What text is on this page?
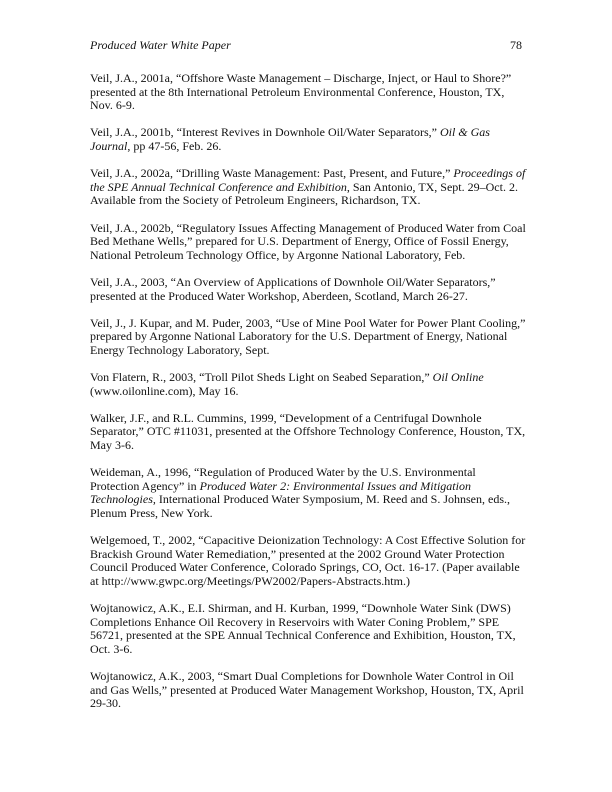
Produced Water White Paper	78

Veil, J.A., 2001a, “Offshore Waste Management – Discharge, Inject, or Haul to Shore?” presented at the 8th International Petroleum Environmental Conference, Houston, TX, Nov. 6-9.

Veil, J.A., 2001b, “Interest Revives in Downhole Oil/Water Separators,” Oil & Gas Journal, pp 47-56, Feb. 26.

Veil, J.A., 2002a, “Drilling Waste Management: Past, Present, and Future,” Proceedings of the SPE Annual Technical Conference and Exhibition, San Antonio, TX, Sept. 29–Oct. 2. Available from the Society of Petroleum Engineers, Richardson, TX.

Veil, J.A., 2002b, “Regulatory Issues Affecting Management of Produced Water from Coal Bed Methane Wells,” prepared for U.S. Department of Energy, Office of Fossil Energy, National Petroleum Technology Office, by Argonne National Laboratory, Feb.

Veil, J.A., 2003, “An Overview of Applications of Downhole Oil/Water Separators,” presented at the Produced Water Workshop, Aberdeen, Scotland, March 26-27.

Veil, J., J. Kupar, and M. Puder, 2003, “Use of Mine Pool Water for Power Plant Cooling,” prepared by Argonne National Laboratory for the U.S. Department of Energy, National Energy Technology Laboratory, Sept.

Von Flatern, R., 2003, “Troll Pilot Sheds Light on Seabed Separation,” Oil Online (www.oilonline.com), May 16.

Walker, J.F., and R.L. Cummins, 1999, “Development of a Centrifugal Downhole Separator,” OTC #11031, presented at the Offshore Technology Conference, Houston, TX, May 3-6.

Weideman, A., 1996, “Regulation of Produced Water by the U.S. Environmental Protection Agency” in Produced Water 2: Environmental Issues and Mitigation Technologies, International Produced Water Symposium, M. Reed and S. Johnsen, eds., Plenum Press, New York.

Welgemoed, T., 2002, “Capacitive Deionization Technology: A Cost Effective Solution for Brackish Ground Water Remediation,” presented at the 2002 Ground Water Protection Council Produced Water Conference, Colorado Springs, CO, Oct. 16-17. (Paper available at http://www.gwpc.org/Meetings/PW2002/Papers-Abstracts.htm.)

Wojtanowicz, A.K., E.I. Shirman, and H. Kurban, 1999, “Downhole Water Sink (DWS) Completions Enhance Oil Recovery in Reservoirs with Water Coning Problem,” SPE 56721, presented at the SPE Annual Technical Conference and Exhibition, Houston, TX, Oct. 3-6.

Wojtanowicz, A.K., 2003, “Smart Dual Completions for Downhole Water Control in Oil and Gas Wells,” presented at Produced Water Management Workshop, Houston, TX, April 29-30.
